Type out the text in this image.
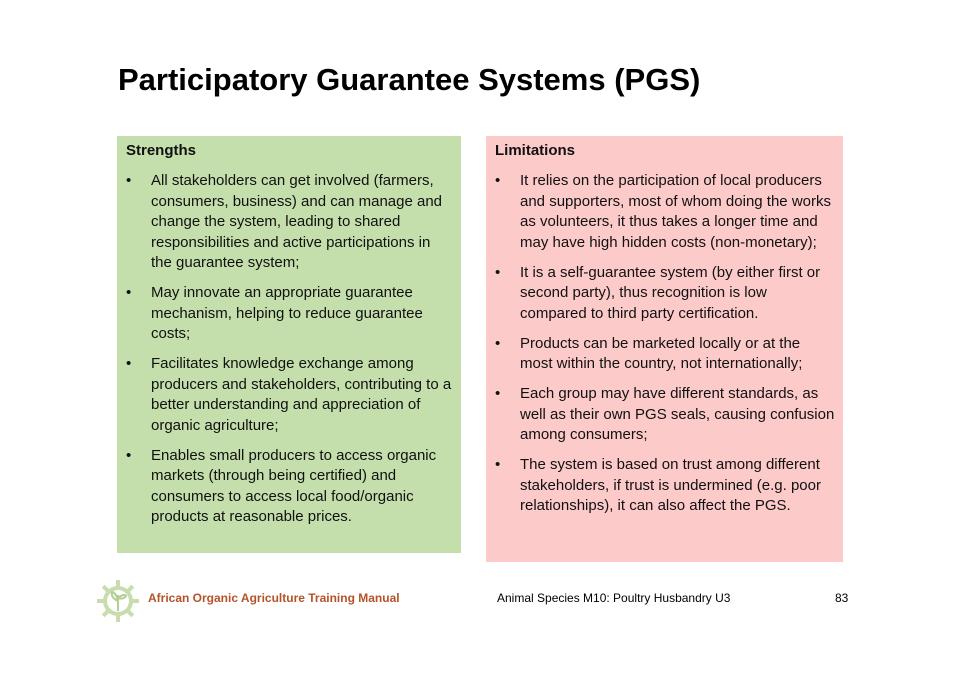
Participatory Guarantee Systems (PGS)
Strengths
•	All stakeholders can get involved (farmers, consumers, business) and can manage and change the system, leading to shared responsibilities and active participations in the guarantee system;
•	May innovate an appropriate guarantee mechanism, helping to reduce guarantee costs;
•	Facilitates knowledge exchange among producers and stakeholders, contributing to a better understanding and appreciation of organic agriculture;
•	Enables small producers to access organic markets (through being certified) and consumers to access local food/organic products at reasonable prices.
Limitations
•	It relies on the participation of local producers and supporters, most of whom doing the works as volunteers, it thus takes a longer time and may have high hidden costs (non-monetary);
•	It is a self-guarantee system (by either first or second party), thus recognition is low compared to third party certification.
•	Products can be marketed locally or at the most within the country, not internationally;
•	Each group may have different standards, as well as their own PGS seals, causing confusion among consumers;
•	The system is based on trust among different stakeholders, if trust is undermined (e.g. poor relationships), it can also affect the PGS.
African Organic Agriculture Training Manual	Animal Species M10: Poultry Husbandry U3	83
